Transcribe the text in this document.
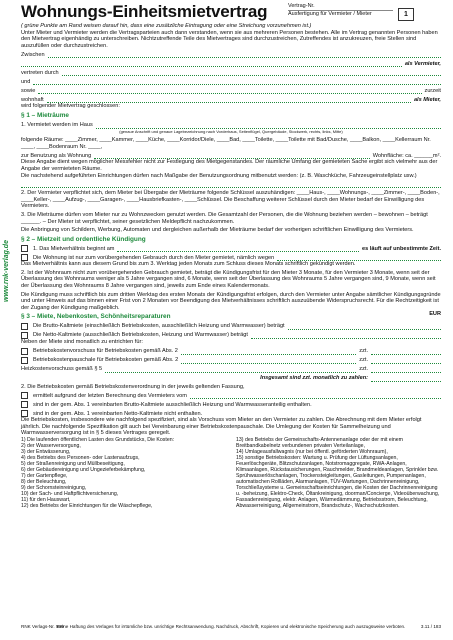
Wohnungs-Einheitsmietvertrag	Vertrag-Nr.
Ausfertigung für Vermieter / Mieter	1
www.rnk-verlag.de

( grüne Punkte am Rand weisen darauf hin, dass eine zusätzliche Eintragung oder eine Streichung vorzunehmen ist.)

Unter Mieter und Vermieter werden die Vertragsparteien auch dann verstanden, wenn sie aus mehreren Personen bestehen. Alle im Vertrag genannten Personen haben den Mietvertrag eigenhändig zu unterschreiben. Nichtzutreffende Teile des Mietvertrages sind durchzustreichen, Zutreffendes ist anzukreuzen, freie Stellen sind auszufüllen oder durchzustreichen.

Zwischen
als Vermieter,
vertreten durch
und
sowie	zurzeit
wohnhaft	als Mieter,

wird folgender Mietvertrag geschlossen:

§ 1 – Mieträume

1. Vermietet werden im Haus

(genaue Anschrift und genaue Lagebezeichnung nach Vorderhaus, Seitenflügel, Quergebäude, Stockwerk, rechts, links, Mitte)

folgende Räume: ____Zimmer, ____Kammer, ____Küche, ____Korridor/Diele, ____Bad, ____Toilette, ____Toilette mit Bad/Dusche, ____Balkon, ____Kellerraum Nr. ____, ____Bodenraum Nr. ____,

zur Benutzung als Wohnung	Wohnfläche: ca. ______m².

Diese Angabe dient wegen möglicher Messfehler nicht zur Festlegung des Mietgegenstandes. Der räumliche Umfang der gemieteten Sache ergibt sich vielmehr aus der Angabe der vermieteten Räume.

Die nachstehend aufgeführten Einrichtungen dürfen nach Maßgabe der Benutzungsordnung mitbenutzt werden: (z. B. Waschküche, Fahrzeugeinstellplatz usw.)

2. Der Vermieter verpflichtet sich, dem Mieter bei Übergabe der Mieträume folgende Schlüssel auszuhändigen: ____Haus-, ____Wohnungs-, ____Zimmer-, ____Boden-, ____Keller-, ____Aufzug-, ____Garagen-, ____Hausbriefkasten-, ____Schlüssel. Die Beschaffung weiterer Schlüssel durch den Mieter bedarf der Einwilligung des Vermieters.

3. Die Mieträume dürfen vom Mieter nur zu Wohnzwecken genutzt werden. Die Gesamtzahl der Personen, die die Wohnung beziehen werden – bewohnen – beträgt ______. – Der Mieter ist verpflichtet, seiner gesetzlichen Meldepflicht nachzukommen.

Die Anbringung von Schildern, Werbung, Automaten und dergleichen außerhalb der Mieträume bedarf der vorherigen schriftlichen Einwilligung des Vermieters.

§ 2 – Mietzeit und ordentliche Kündigung

1. Das Mietverhältnis beginnt am	es läuft auf unbestimmte Zeit.
Die Wohnung ist nur zum vorübergehenden Gebrauch durch den Mieter gemietet, nämlich wegen

Das Mietverhältnis kann aus diesem Grund bis zum 3. Werktag jeden Monats zum Schluss dieses Monats schriftlich gekündigt werden.

2. Ist der Wohnraum nicht zum vorübergehenden Gebrauch gemietet, beträgt die Kündigungsfrist für den Mieter 3 Monate, für den Vermieter 3 Monate, wenn seit der Überlassung des Wohnraums weniger als 5 Jahre vergangen sind, 6 Monate, wenn seit der Überlassung des Wohnraums 5 Jahre vergangen sind, 9 Monate, wenn seit der Überlassung des Wohnraums 8 Jahre vergangen sind, jeweils zum Ende eines Kalendermonats.

Die Kündigung muss schriftlich bis zum dritten Werktag des ersten Monats der Kündigungsfrist erfolgen, durch den Vermieter unter Angabe sämtlicher Kündigungsgründe und unter Hinweis auf das binnen einer Frist von 2 Monaten vor Beendigung des Mietverhältnisses schriftlich auszuübende Widerspruchsrecht. Für die Rechtzeitigkeit ist der Zugang der Kündigung maßgeblich.

§ 3 – Miete, Nebenkosten, Schönheitsreparaturen	EUR
Die Brutto-Kaltmiete (einschließlich Betriebskosten, ausschließlich Heizung und Warmwasser) beträgt
Die Netto-Kaltmiete (ausschließlich Betriebskosten, Heizung und Warmwasser) beträgt

Neben der Miete sind monatlich zu entrichten für:

Betriebskostenvorschuss für Betriebskosten gemäß Abs. 2	zzt.
Betriebskostenpauschale für Betriebskosten gemäß Abs. 2	zzt.
Heizkostenvorschuss gemäß § 5	zzt.
Insgesamt sind zzt. monatlich zu zahlen:

2. Die Betriebskosten gemäß Betriebskostenverordnung in der jeweils geltenden Fassung,

ermittelt aufgrund der letzten Berechnung des Vermieters vom
sind in der gem. Abs. 1 vereinbarten Brutto-Kaltmiete ausschließlich Heizung und Warmwasseranteilig enthalten.
sind in der gem. Abs. 1 vereinbarten Netto-Kaltmiete nicht enthalten.

Die Betriebskosten, insbesondere wie nachfolgend spezifiziert, sind als Vorschuss vom Mieter an den Vermieter zu zahlen. Die Abrechnung mit dem Mieter erfolgt jährlich. Die nachfolgende Spezifikation gilt auch bei Vereinbarung einer Betriebskostenpauschale. Die Umlegung der Kosten für Sammelheizung und Warmwasserversorgung ist in § 5 dieses Vertrages geregelt.

1) Die laufenden öffentlichen Lasten des Grundstücks, Die Kosten:

2) der Wasserversorgung,

3) der Entwässerung,

4) des Betriebs des Personen- oder Lastenaufzugs,

5) der Straßenreinigung und Müllbeseitigung,

6) der Gebäudereinigung und Ungezieferbekämpfung,

7) der Gartenpflege,

8) der Beleuchtung,

9) der Schornsteinreinigung,

10) der Sach- und Haftpflichtversicherung,

11) für den Hauswart,

12) des Betriebs der Einrichtungen für die Wäschepflege,

13) des Betriebs der Gemeinschafts-Antennenanlage oder der mit einem Breitbandkabelnetz verbundenen privaten Verteilanlage,

14) Umlageausfallwagnis (nur bei öffentl. geförderten Wohnraum),

15) sonstige Betriebskosten: Wartung u. Prüfung der Lüftungsanlagen, Feuerlöschgeräte, Blitzschutzanlagen, Notstromaggregate, RWA-Anlagen, Klimaanlagen, Rückstausicherungen, Rauchmelder, Brandmeldeanlagen, Sprinkler bzw. Sprühwasserlöschanlagen, Trockensteigleitungen, Gasleitungen, Pumpenanlagen, automatischen Rollläden, Alarmanlagen, TÜV-Wartungen, Dachrinnenreinigung, Torschließsysteme u. Gemeinschaftseinrichtungen, die Kosten der Dachrinnenreinigung u. -beheizung, Elektro-Check, Öltankreinigung, doorman/Concierge, Videoüberwachung, Fassadenreinigung, elektr. Anlagen, Wärmedämmung, Betriebsstrom, Beleuchtung, Abwasserreinigung, Allgemeinstrom, Brandschutz-, Wachschutzkosten.

RNK Verlags-Nr. 599
Keine Haftung des Verlages für irrtümliche bzw. unrichtige Rechtsanwendung. Nachdruck, Abschrift, Kopieren und elektronische Speicherung auch auszugsweise verboten.	3.11 / 183
